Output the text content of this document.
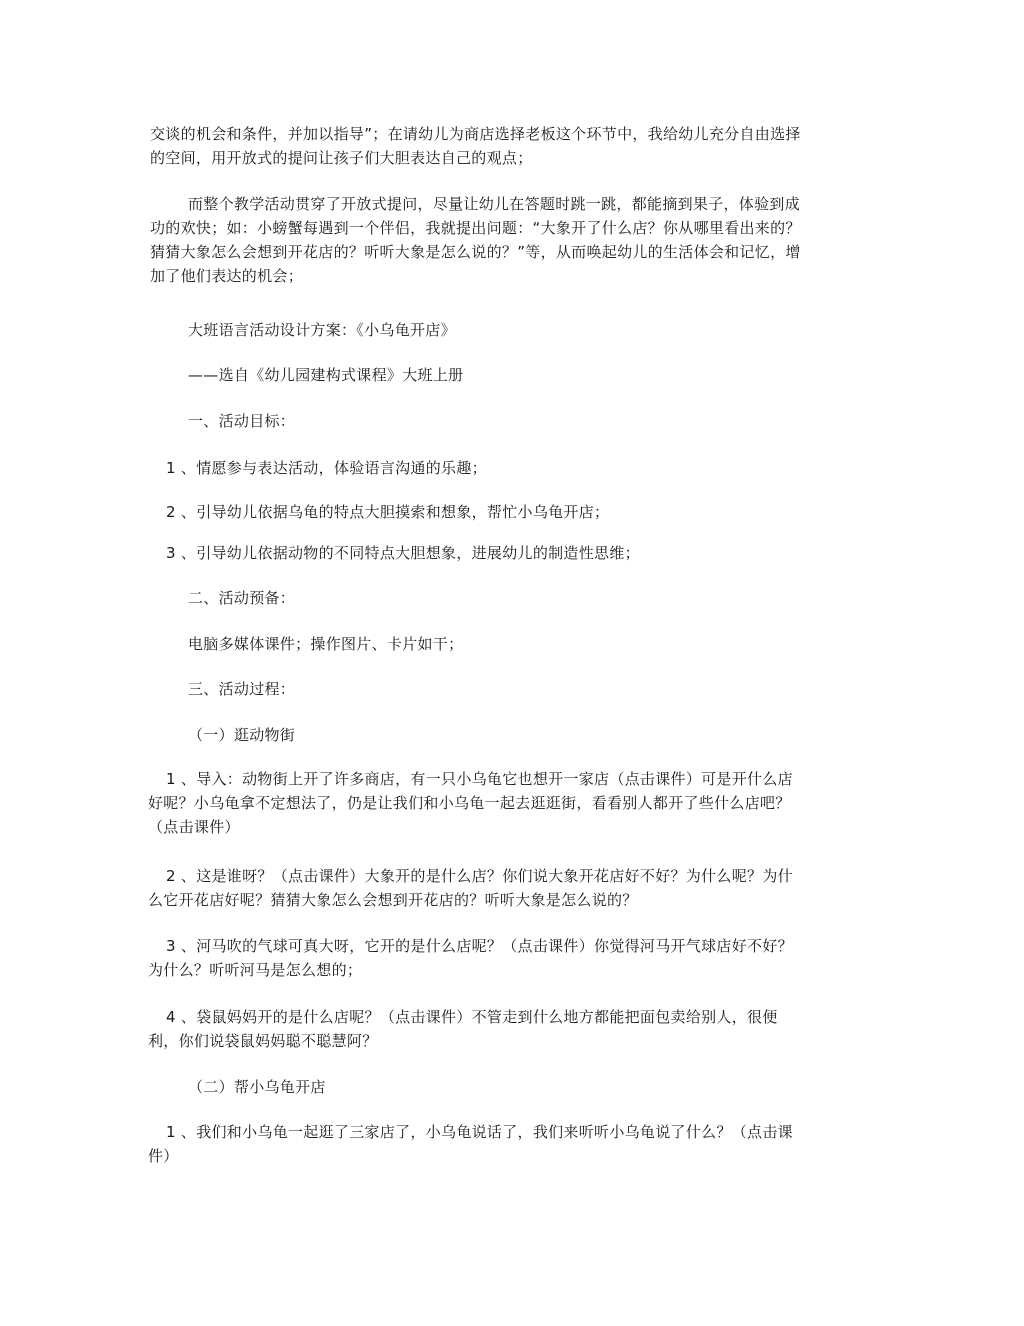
交谈的机会和条件，并加以指导”；在请幼儿为商店选择老板这个环节中，我给幼儿充分自由选择的空间，用开放式的提问让孩子们大胆表达自己的观点；
而整个教学活动贯穿了开放式提问，尽量让幼儿在答题时跳一跳，都能摘到果子，体验到成功的欢快；如：小螃蟹每遇到一个伴侣，我就提出问题：“大象开了什么店？你从哪里看出来的？猜猜大象怎么会想到开花店的？听听大象是怎么说的？”等，从而唤起幼儿的生活体会和记忆，增加了他们表达的机会；
大班语言活动设计方案：《小乌龟开店》
——选自《幼儿园建构式课程》大班上册
一、活动目标：
1 、情愿参与表达活动，体验语言沟通的乐趣；
2 、引导幼儿依据乌龟的特点大胆摸索和想象，帮忙小乌龟开店；
3 、引导幼儿依据动物的不同特点大胆想象，进展幼儿的制造性思维；
二、活动预备：
电脑多媒体课件；操作图片、卡片如干；
三、活动过程：
（一）逛动物街
1 、导入：动物街上开了许多商店，有一只小乌龟它也想开一家店（点击课件）可是开什么店好呢？小乌龟拿不定想法了，仍是让我们和小乌龟一起去逛逛街，看看别人都开了些什么店吧？（点击课件）
2 、这是谁呀？（点击课件）大象开的是什么店？你们说大象开花店好不好？为什么呢？为什么它开花店好呢？猜猜大象怎么会想到开花店的？听听大象是怎么说的？
3 、河马吹的气球可真大呀，它开的是什么店呢？（点击课件）你觉得河马开气球店好不好？为什么？听听河马是怎么想的；
4 、袋鼠妈妈开的是什么店呢？（点击课件）不管走到什么地方都能把面包卖给别人，很便利，你们说袋鼠妈妈聪不聪慧阿？
（二）帮小乌龟开店
1 、我们和小乌龟一起逛了三家店了，小乌龟说话了，我们来听听小乌龟说了什么？（点击课件）
